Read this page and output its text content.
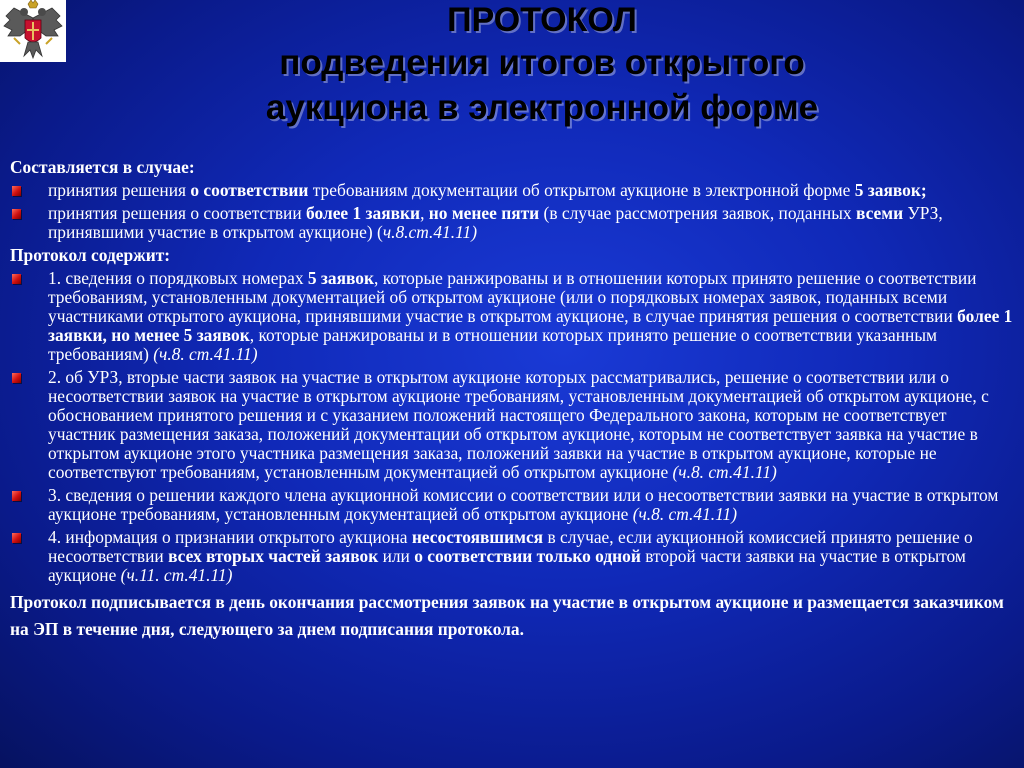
ПРОТОКОЛ
подведения итогов открытого
аукциона в электронной форме
Составляется в случае:
принятия решения о соответствии требованиям документации об открытом аукционе в электронной форме 5 заявок;
принятия решения о соответствии более 1 заявки, но менее пяти (в случае рассмотрения заявок, поданных всеми УРЗ, принявшими участие в открытом аукционе) (ч.8.ст.41.11)
Протокол содержит:
1. сведения о порядковых номерах 5 заявок, которые ранжированы и в отношении которых принято решение о соответствии требованиям, установленным документацией об открытом аукционе (или о порядковых номерах заявок, поданных всеми участниками открытого аукциона, принявшими участие в открытом аукционе, в случае принятия решения о соответствии более 1 заявки, но менее 5 заявок, которые ранжированы и в отношении которых принято решение о соответствии указанным требованиям) (ч.8. ст.41.11)
2. об УРЗ, вторые части заявок на участие в открытом аукционе которых рассматривались, решение о соответствии или о несоответствии заявок на участие в открытом аукционе требованиям, установленным документацией об открытом аукционе, с обоснованием принятого решения и с указанием положений настоящего Федерального закона, которым не соответствует участник размещения заказа, положений документации об открытом аукционе, которым не соответствует заявка на участие в открытом аукционе этого участника размещения заказа, положений заявки на участие в открытом аукционе, которые не соответствуют требованиям, установленным документацией об открытом аукционе (ч.8. ст.41.11)
3. сведения о решении каждого члена аукционной комиссии о соответствии или о несоответствии заявки на участие в открытом аукционе требованиям, установленным документацией об открытом аукционе (ч.8. ст.41.11)
4. информация о признании открытого аукциона несостоявшимся в случае, если аукционной комиссией принято решение о несоответствии всех вторых частей заявок или о соответствии только одной второй части заявки на участие в открытом аукционе (ч.11. ст.41.11)
Протокол подписывается в день окончания рассмотрения заявок на участие в открытом аукционе и размещается заказчиком на ЭП в течение дня, следующего за днем подписания протокола.
